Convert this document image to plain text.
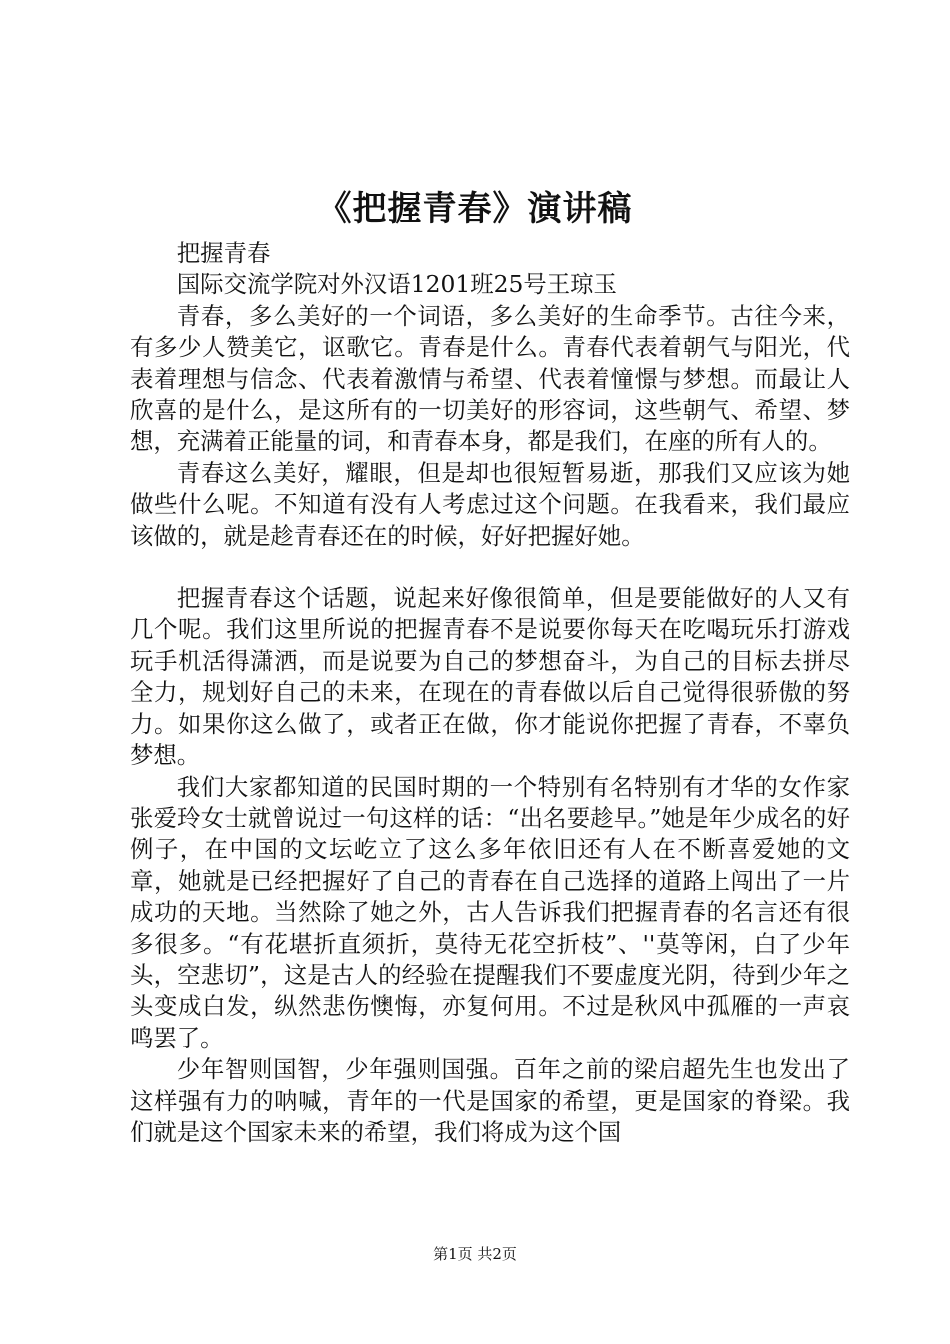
《把握青春》演讲稿

把握青春

国际交流学院对外汉语1201班25号王琼玉

青春，多么美好的一个词语，多么美好的生命季节。古往今来，有多少人赞美它，讴歌它。青春是什么。青春代表着朝气与阳光，代表着理想与信念、代表着激情与希望、代表着憧憬与梦想。而最让人欣喜的是什么，是这所有的一切美好的形容词，这些朝气、希望、梦想，充满着正能量的词，和青春本身，都是我们，在座的所有人的。

青春这么美好，耀眼，但是却也很短暂易逝，那我们又应该为她做些什么呢。不知道有没有人考虑过这个问题。在我看来，我们最应该做的，就是趁青春还在的时候，好好把握好她。

把握青春这个话题，说起来好像很简单，但是要能做好的人又有几个呢。我们这里所说的把握青春不是说要你每天在吃喝玩乐打游戏玩手机活得潇洒，而是说要为自己的梦想奋斗，为自己的目标去拼尽全力，规划好自己的未来，在现在的青春做以后自己觉得很骄傲的努力。如果你这么做了，或者正在做，你才能说你把握了青春，不辜负梦想。

我们大家都知道的民国时期的一个特别有名特别有才华的女作家张爱玲女士就曾说过一句这样的话：“出名要趁早。”她是年少成名的好例子，在中国的文坛屹立了这么多年依旧还有人在不断喜爱她的文章，她就是已经把握好了自己的青春在自己选择的道路上闯出了一片成功的天地。当然除了她之外，古人告诉我们把握青春的名言还有很多很多。“有花堪折直须折，莫待无花空折枝”、''莫等闲，白了少年头，空悲切”，这是古人的经验在提醒我们不要虚度光阴，待到少年之头变成白发，纵然悲伤懊悔，亦复何用。不过是秋风中孤雁的一声哀鸣罢了。

少年智则国智，少年强则国强。百年之前的梁启超先生也发出了这样强有力的呐喊，青年的一代是国家的希望，更是国家的脊梁。我们就是这个国家未来的希望，我们将成为这个国

第1页 共2页
